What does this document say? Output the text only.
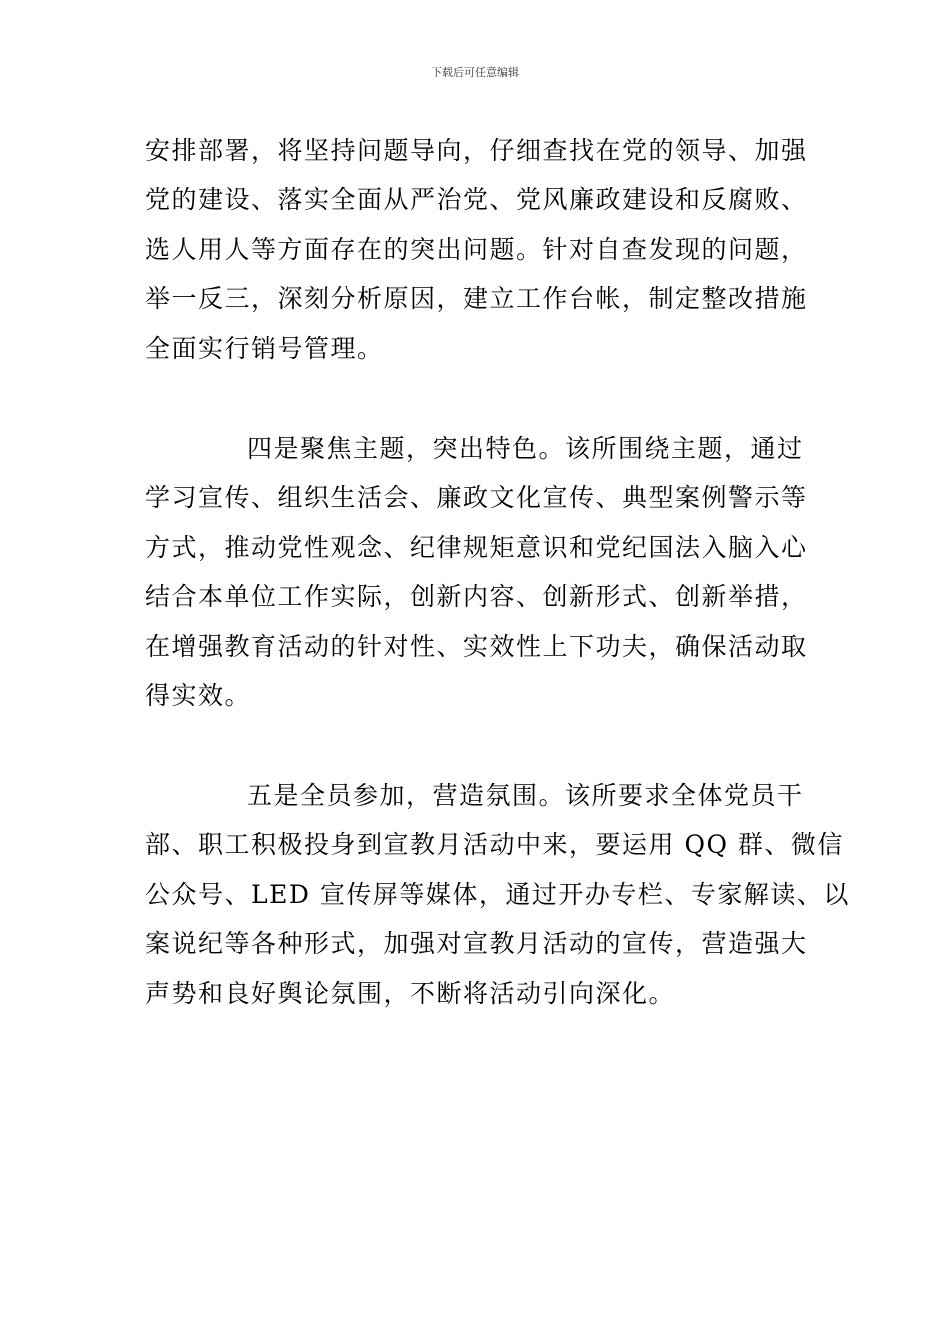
下载后可任意编辑
安排部署，将坚持问题导向，仔细查找在党的领导、加强
党的建设、落实全面从严治党、党风廉政建设和反腐败、
选人用人等方面存在的突出问题。针对自查发现的问题，
举一反三，深刻分析原因，建立工作台帐，制定整改措施
全面实行销号管理。
四是聚焦主题，突出特色。该所围绕主题，通过
学习宣传、组织生活会、廉政文化宣传、典型案例警示等
方式，推动党性观念、纪律规矩意识和党纪国法入脑入心
结合本单位工作实际，创新内容、创新形式、创新举措，
在增强教育活动的针对性、实效性上下功夫，确保活动取
得实效。
五是全员参加，营造氛围。该所要求全体党员干
部、职工积极投身到宣教月活动中来，要运用 QQ 群、微信
公众号、LED 宣传屏等媒体，通过开办专栏、专家解读、以
案说纪等各种形式，加强对宣教月活动的宣传，营造强大
声势和良好舆论氛围，不断将活动引向深化。
